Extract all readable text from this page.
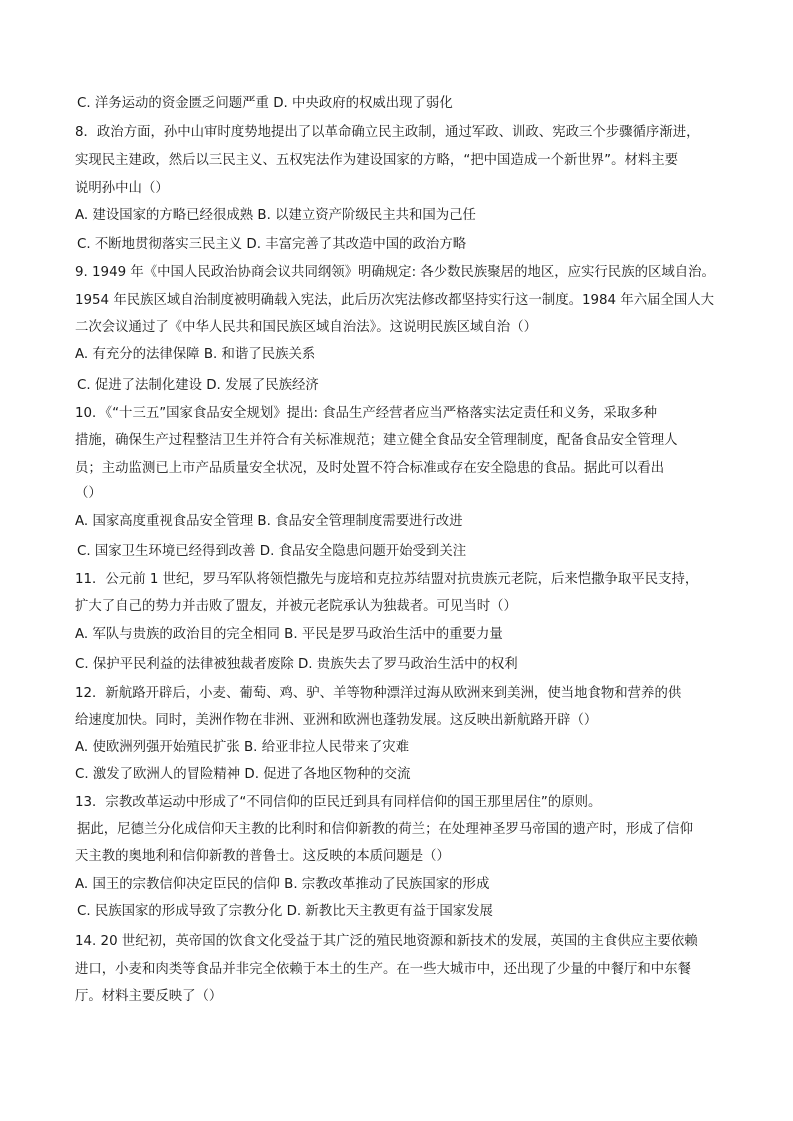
C. 洋务运动的资金匮乏问题严重 D. 中央政府的权威出现了弱化
8．政治方面，孙中山审时度势地提出了以革命确立民主政制，通过军政、训政、宪政三个步骤循序渐进，
实现民主建政，然后以三民主义、五权宪法作为建设国家的方略，“把中国造成一个新世界”。材料主要
说明孙中山（）
A. 建设国家的方略已经很成熟 B. 以建立资产阶级民主共和国为己任
C. 不断地贯彻落实三民主义 D. 丰富完善了其改造中国的政治方略
9. 1949 年《中国人民政治协商会议共同纲领》明确规定: 各少数民族聚居的地区，应实行民族的区域自治。
1954 年民族区域自治制度被明确载入宪法，此后历次宪法修改都坚持实行这一制度。1984 年六届全国人大
二次会议通过了《中华人民共和国民族区域自治法》。这说明民族区域自治（）
A. 有充分的法律保障 B. 和谐了民族关系
C. 促进了法制化建设 D. 发展了民族经济
10．《“十三五”国家食品安全规划》提出: 食品生产经营者应当严格落实法定责任和义务，采取多种
措施，确保生产过程整洁卫生并符合有关标准规范；建立健全食品安全管理制度，配备食品安全管理人
员；主动监测已上市产品质量安全状况，及时处置不符合标准或存在安全隐患的食品。据此可以看出
（）
A. 国家高度重视食品安全管理 B. 食品安全管理制度需要进行改进
C. 国家卫生环境已经得到改善 D. 食品安全隐患问题开始受到关注
11．公元前 1 世纪，罗马军队将领恺撒先与庞培和克拉苏结盟对抗贵族元老院，后来恺撒争取平民支持，
扩大了自己的势力并击败了盟友，并被元老院承认为独裁者。可见当时（）
A. 军队与贵族的政治目的完全相同 B. 平民是罗马政治生活中的重要力量
C. 保护平民利益的法律被独裁者废除 D. 贵族失去了罗马政治生活中的权利
12．新航路开辟后，小麦、葡萄、鸡、驴、羊等物种漂洋过海从欧洲来到美洲，使当地食物和营养的供
给速度加快。同时，美洲作物在非洲、亚洲和欧洲也蓬勃发展。这反映出新航路开辟（）
A. 使欧洲列强开始殖民扩张 B. 给亚非拉人民带来了灾难
C. 激发了欧洲人的冒险精神 D. 促进了各地区物种的交流
13．宗教改革运动中形成了“不同信仰的臣民迁到具有同样信仰的国王那里居住”的原则。
据此，尼德兰分化成信仰天主教的比利时和信仰新教的荷兰；在处理神圣罗马帝国的遗产时，形成了信仰
天主教的奥地利和信仰新教的普鲁士。这反映的本质问题是（）
A. 国王的宗教信仰决定臣民的信仰 B. 宗教改革推动了民族国家的形成
C. 民族国家的形成导致了宗教分化 D. 新教比天主教更有益于国家发展
14. 20 世纪初，英帝国的饮食文化受益于其广泛的殖民地资源和新技术的发展，英国的主食供应主要依赖
进口，小麦和肉类等食品并非完全依赖于本土的生产。在一些大城市中，还出现了少量的中餐厅和中东餐
厅。材料主要反映了（）
